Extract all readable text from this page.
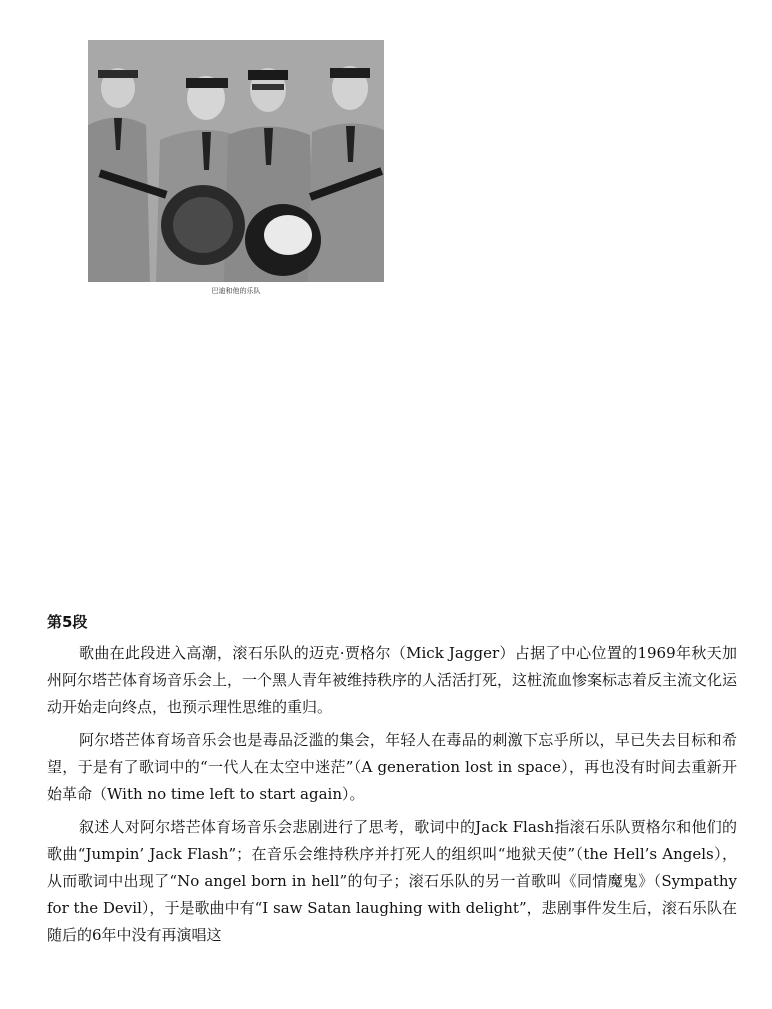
巴迪和他的乐队
第5段

歌曲在此段进入高潮，滚石乐队的迈克·贾格尔（Mick Jagger）占据了中心位置的1969年秋天加州阿尔塔芒体育场音乐会上，一个黑人青年被维持秩序的人活活打死，这桩流血惨案标志着反主流文化运动开始走向终点，也预示理性思维的重归。

阿尔塔芒体育场音乐会也是毒品泛滥的集会，年轻人在毒品的刺激下忘乎所以，早已失去目标和希望，于是有了歌词中的“一代人在太空中迷茫”（A generation lost in space），再也没有时间去重新开始革命（With no time left to start again）。

叙述人对阿尔塔芒体育场音乐会悲剧进行了思考，歌词中的Jack Flash指滚石乐队贾格尔和他们的歌曲“Jumpin’ Jack Flash”；在音乐会维持秩序并打死人的组织叫“地狱天使”（the Hell’s Angels），从而歌词中出现了“No angel born in hell”的句子；滚石乐队的另一首歌叫《同情魔鬼》（Sympathy for the Devil），于是歌曲中有“I saw Satan laughing with delight”，悲剧事件发生后，滚石乐队在随后的6年中没有再演唱这
